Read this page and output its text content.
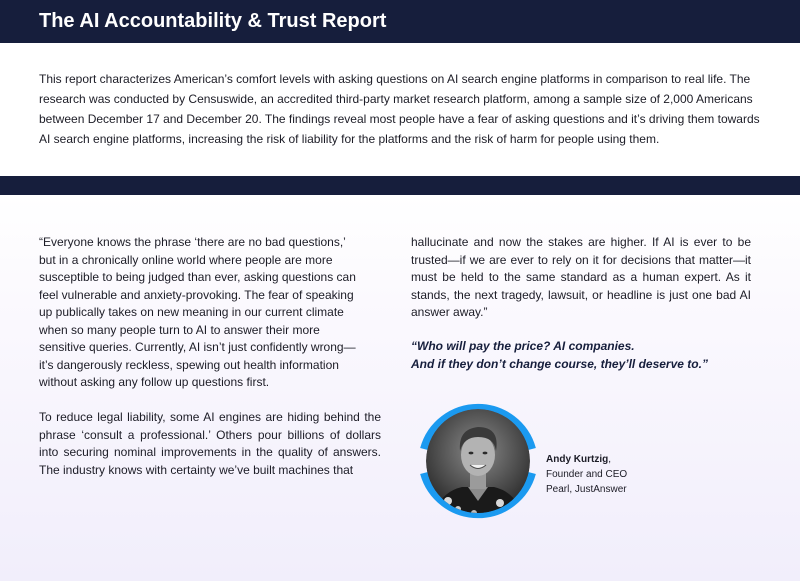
The AI Accountability & Trust Report

This report characterizes American’s comfort levels with asking questions on AI search engine platforms in comparison to real life. The research was conducted by Censuswide, an accredited third-party market research platform, among a sample size of 2,000 Americans between December 17 and December 20. The findings reveal most people have a fear of asking questions and it’s driving them towards AI search engine platforms, increasing the risk of liability for the platforms and the risk of harm for people using them.

“Everyone knows the phrase ‘there are no bad questions,’ but in a chronically online world where people are more susceptible to being judged than ever, asking questions can feel vulnerable and anxiety-provoking. The fear of speaking up publically takes on new meaning in our current climate when so many people turn to AI to answer their more sensitive queries. Currently, AI isn’t just confidently wrong—it’s dangerously reckless, spewing out health information without asking any follow up questions first.

To reduce legal liability, some AI engines are hiding behind the phrase ‘consult a professional.’ Others pour billions of dollars into securing nominal improvements in the quality of answers. The industry knows with certainty we’ve built machines that

hallucinate and now the stakes are higher. If AI is ever to be trusted—if we are ever to rely on it for decisions that matter—it must be held to the same standard as a human expert. As it stands, the next tragedy, lawsuit, or headline is just one bad AI answer away.”

“Who will pay the price? AI companies.
And if they don’t change course, they’ll deserve to.”

Andy Kurtzig,
Founder and CEO
Pearl, JustAnswer
